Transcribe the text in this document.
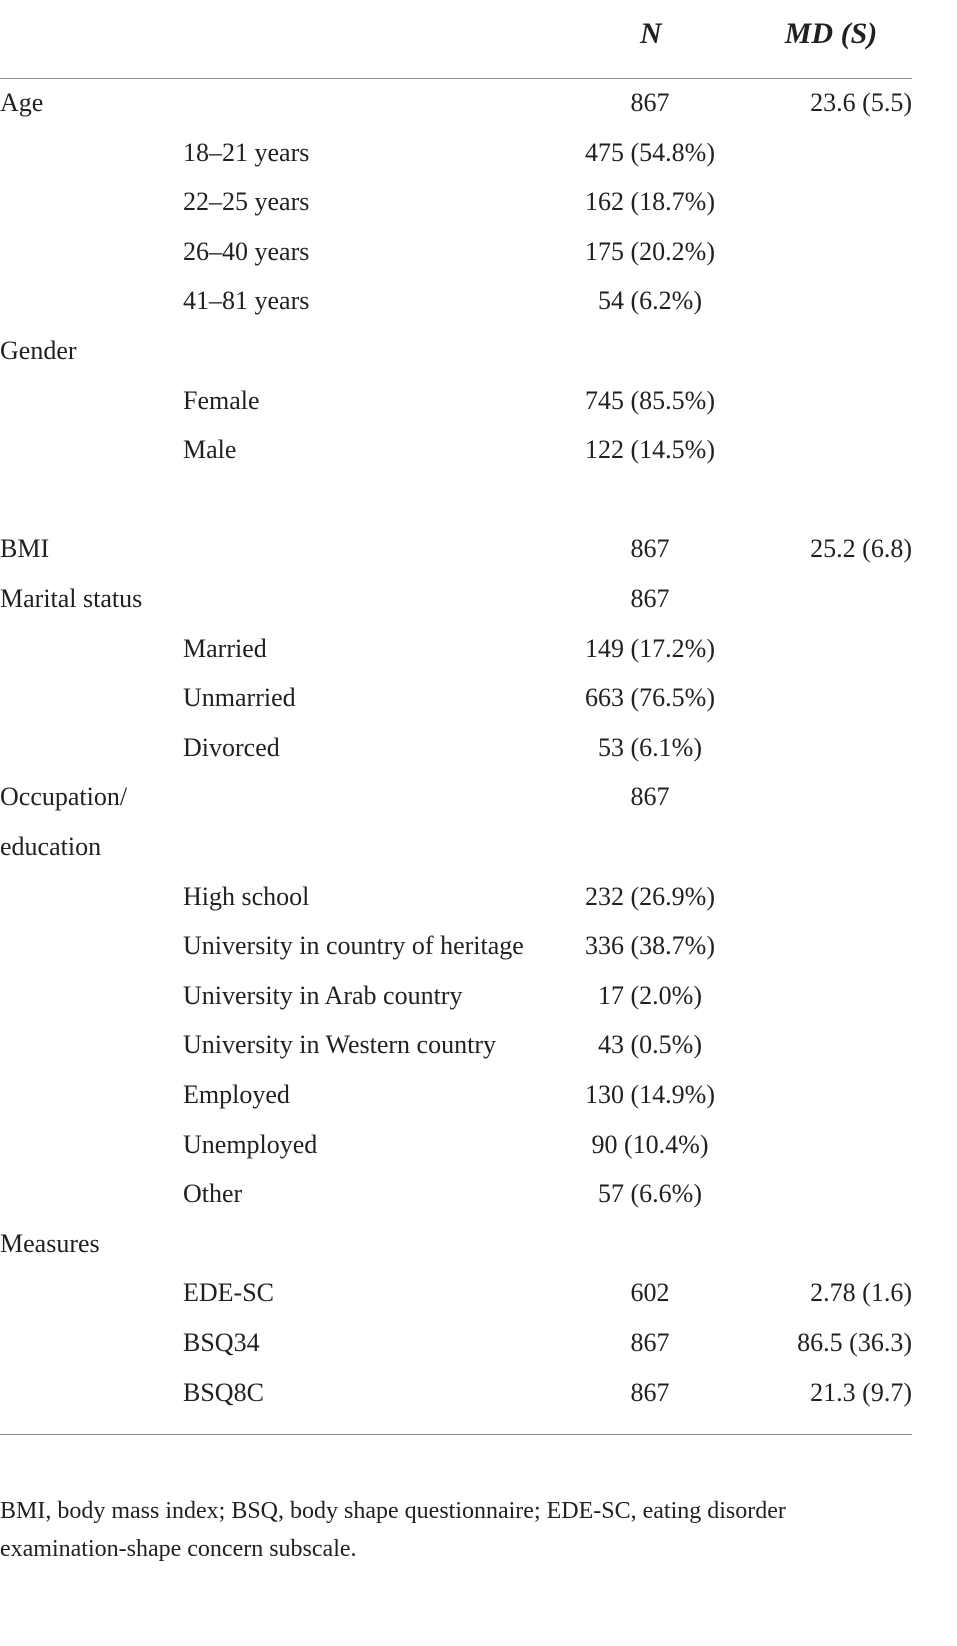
N	MD (S)
Age	867	23.6 (5.5)
18–21 years	475 (54.8%)
22–25 years	162 (18.7%)
26–40 years	175 (20.2%)
41–81 years	54 (6.2%)
Gender
Female	745 (85.5%)
Male	122 (14.5%)
BMI	867	25.2 (6.8)
Marital status	867
Married	149 (17.2%)
Unmarried	663 (76.5%)
Divorced	53 (6.1%)
Occupation/	867
education
High school	232 (26.9%)
University in country of heritage	336 (38.7%)
University in Arab country	17 (2.0%)
University in Western country	43 (0.5%)
Employed	130 (14.9%)
Unemployed	90 (10.4%)
Other	57 (6.6%)
Measures
EDE-SC	602	2.78 (1.6)
BSQ34	867	86.5 (36.3)
BSQ8C	867	21.3 (9.7)
BMI, body mass index; BSQ, body shape questionnaire; EDE-SC, eating disorder examination-shape concern subscale.
